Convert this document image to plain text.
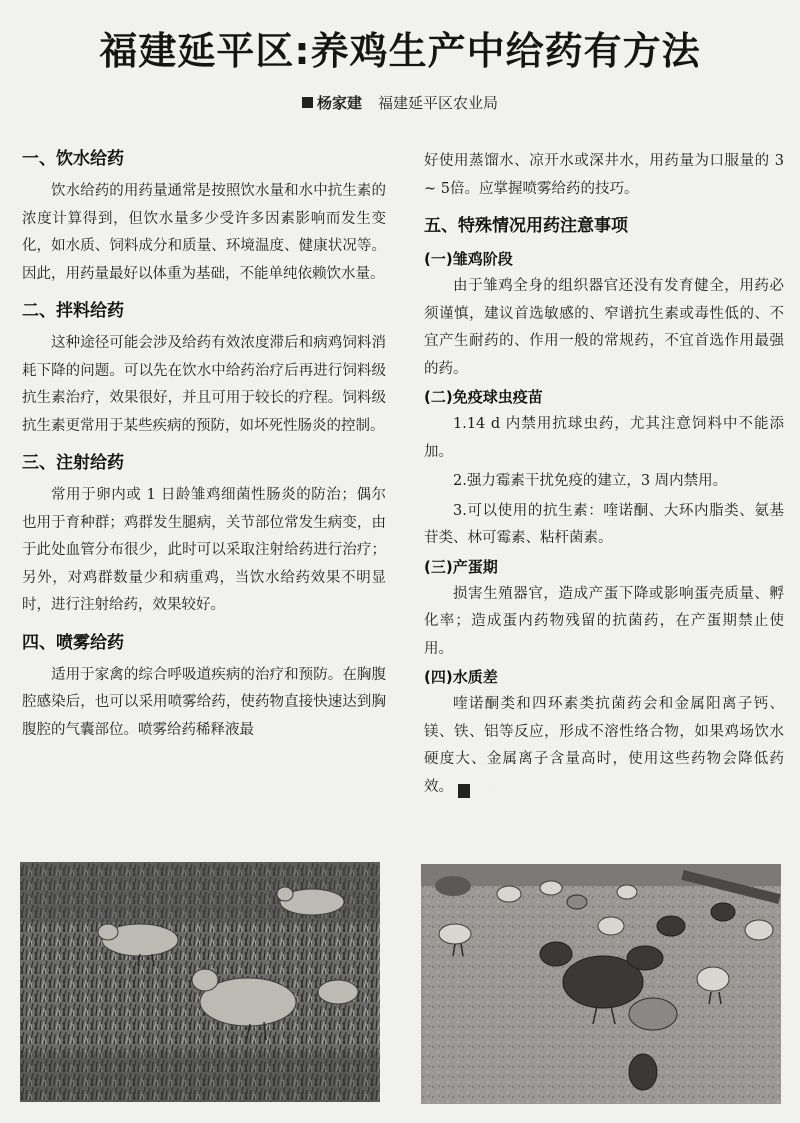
福建延平区:养鸡生产中给药有方法
杨家建 福建延平区农业局
一、饮水给药
饮水给药的用药量通常是按照饮水量和水中抗生素的浓度计算得到，但饮水量多少受许多因素影响而发生变化，如水质、饲料成分和质量、环境温度、健康状况等。因此，用药量最好以体重为基础，不能单纯依赖饮水量。
二、拌料给药
这种途径可能会涉及给药有效浓度滞后和病鸡饲料消耗下降的问题。可以先在饮水中给药治疗后再进行饲料级抗生素治疗，效果很好，并且可用于较长的疗程。饲料级抗生素更常用于某些疾病的预防，如坏死性肠炎的控制。
三、注射给药
常用于卵内或 1 日龄雏鸡细菌性肠炎的防治；偶尔也用于育种群；鸡群发生腿病，关节部位常发生病变，由于此处血管分布很少，此时可以采取注射给药进行治疗；另外，对鸡群数量少和病重鸡，当饮水给药效果不明显时，进行注射给药，效果较好。
四、喷雾给药
适用于家禽的综合呼吸道疾病的治疗和预防。在胸腹腔感染后，也可以采用喷雾给药，使药物直接快速达到胸腹腔的气囊部位。喷雾给药稀释液最
好使用蒸馏水、凉开水或深井水，用药量为口服量的 3 ~ 5倍。应掌握喷雾给药的技巧。
五、特殊情况用药注意事项
(一)雏鸡阶段
由于雏鸡全身的组织器官还没有发育健全，用药必须谨慎，建议首选敏感的、窄谱抗生素或毒性低的、不宜产生耐药的、作用一般的常规药，不宜首选作用最强的药。
(二)免疫球虫疫苗
1.14 d 内禁用抗球虫药，尤其注意饲料中不能添加。
2.强力霉素干扰免疫的建立，3 周内禁用。
3.可以使用的抗生素：喹诺酮、大环内脂类、氨基苷类、林可霉素、粘杆菌素。
(三)产蛋期
损害生殖器官，造成产蛋下降或影响蛋壳质量、孵化率；造成蛋内药物残留的抗菌药，在产蛋期禁止使用。
(四)水质差
喹诺酮类和四环素类抗菌药会和金属阳离子钙、镁、铁、铝等反应，形成不溶性络合物，如果鸡场饮水硬度大、金属离子含量高时，使用这些药物会降低药效。	K
